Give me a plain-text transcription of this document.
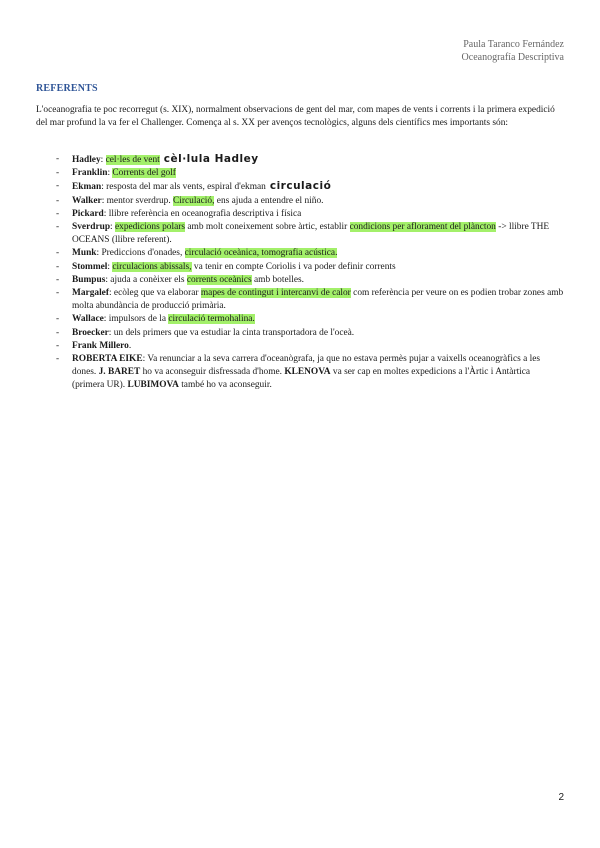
Paula Taranco Fernández
Oceanografía Descriptiva
REFERENTS
L'oceanografia te poc recorregut (s. XIX), normalment observacions de gent del mar, com mapes de vents i corrents i la primera expedició del mar profund la va fer el Challenger. Comença al s. XX per avenços tecnològics, alguns dels científics mes importants són:
- Hadley: cel·les de vent cèl·lula Hadley
- Franklin: Corrents del golf
- Ekman: resposta del mar als vents, espiral d'ekman circulació
- Walker: mentor sverdrup. Circulació, ens ajuda a entendre el niño.
- Pickard: llibre referència en oceanografia descriptiva i física
- Sverdrup: expedicions polars amb molt coneixement sobre àrtic, establir condicions per aflorament del plàncton -> llibre THE OCEANS (llibre referent).
- Munk: Prediccions d'onades, circulació oceànica, tomografia acústica.
- Stommel: circulacions abissals, va tenir en compte Coriolis i va poder definir corrents
- Bumpus: ajuda a conèixer els corrents oceànics amb botelles.
- Margalef: ecòleg que va elaborar mapes de contingut i intercanvi de calor com referència per veure on es podien trobar zones amb molta abundància de producció primària.
- Wallace: impulsors de la circulació termohalina.
- Broecker: un dels primers que va estudiar la cinta transportadora de l'oceà.
- Frank Millero.
- ROBERTA EIKE: Va renunciar a la seva carrera d'oceanògrafa, ja que no estava permès pujar a vaixells oceanogràfics a les dones. J. BARET ho va aconseguir disfressada d'home. KLENOVA va ser cap en moltes expedicions a l'Àrtic i Antàrtica (primera UR). LUBIMOVA també ho va aconseguir.
2
